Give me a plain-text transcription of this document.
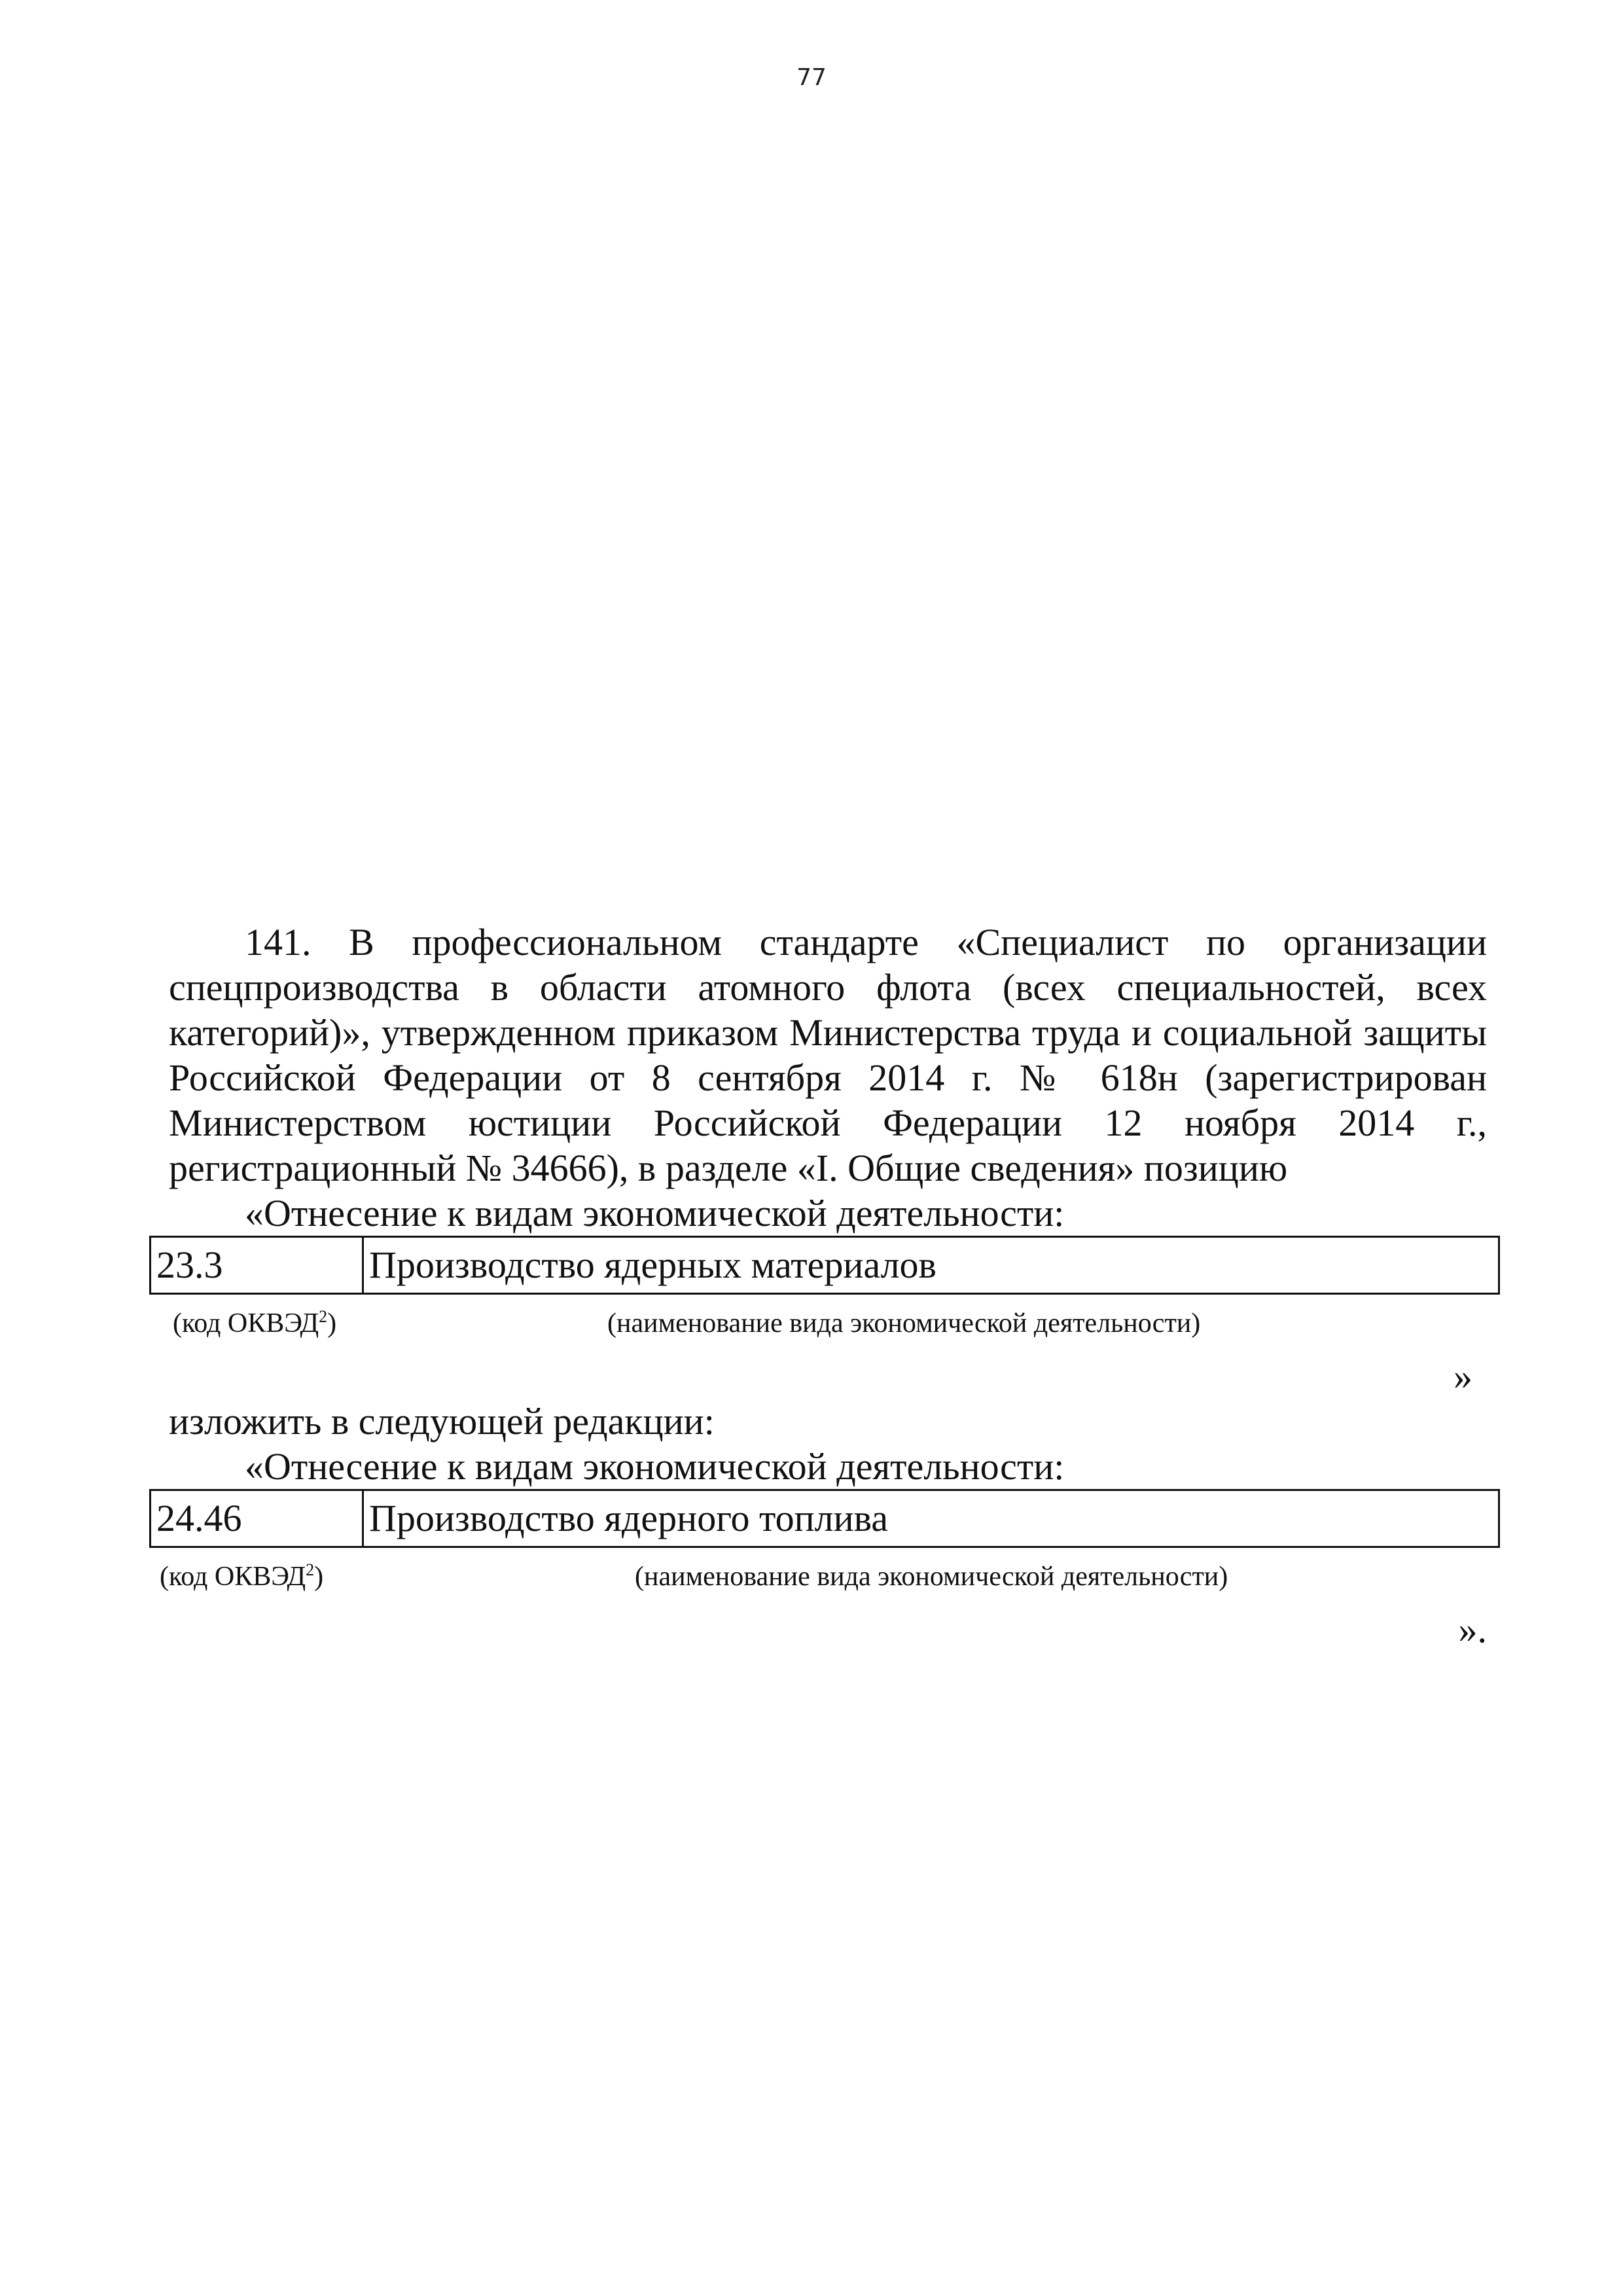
77

141. В профессиональном стандарте «Специалист по организации спецпроизводства в области атомного флота (всех специальностей, всех категорий)», утвержденном приказом Министерства труда и социальной защиты Российской Федерации от 8 сентября 2014 г. № 618н (зарегистрирован Министерством юстиции Российской Федерации 12 ноября 2014 г., регистрационный № 34666), в разделе «I. Общие сведения» позицию

«Отнесение к видам экономической деятельности:

23.3	Производство ядерных материалов
(код ОКВЭД$^2$)	(наименование вида экономической деятельности)
»

изложить в следующей редакции:

«Отнесение к видам экономической деятельности:

24.46	Производство ядерного топлива
(код ОКВЭД$^2$)	(наименование вида экономической деятельности)
».
